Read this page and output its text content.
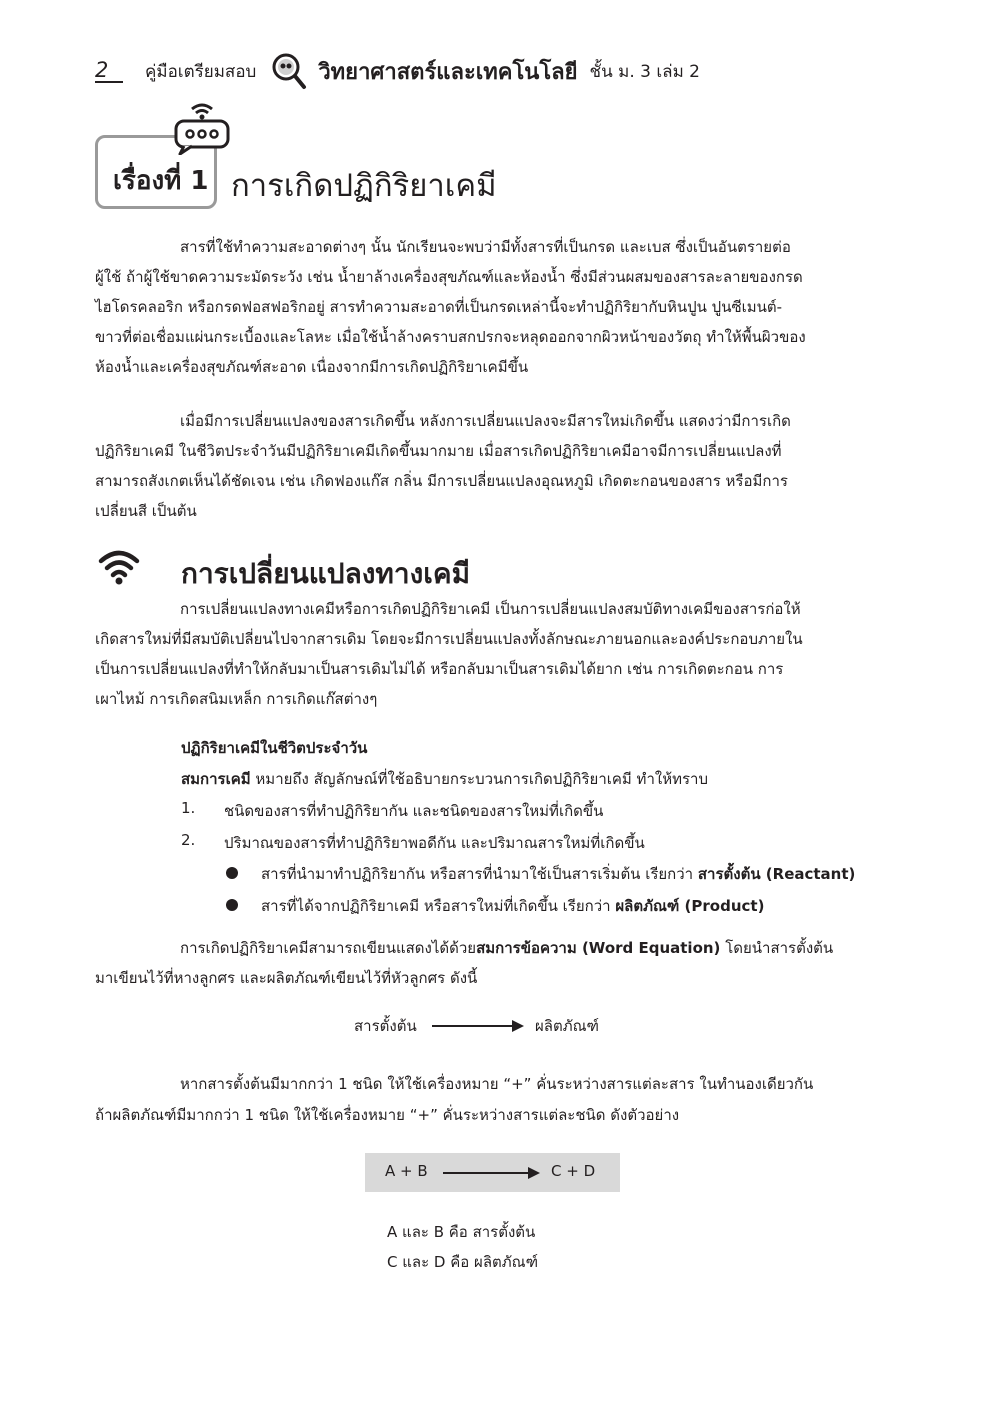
2	คู่มือเตรียมสอบ	วิทยาศาสตร์และเทคโนโลยี ชั้น ม. 3 เล่ม 2
เรื่องที่ 1 การเกิดปฏิกิริยาเคมี
สารที่ใช้ทำความสะอาดต่างๆ นั้น นักเรียนจะพบว่ามีทั้งสารที่เป็นกรด และเบส ซึ่งเป็นอันตรายต่อ
ผู้ใช้ ถ้าผู้ใช้ขาดความระมัดระวัง เช่น น้ำยาล้างเครื่องสุขภัณฑ์และห้องน้ำ ซึ่งมีส่วนผสมของสารละลายของกรด
ไฮโดรคลอริก หรือกรดฟอสฟอริกอยู่ สารทำความสะอาดที่เป็นกรดเหล่านี้จะทำปฏิกิริยากับหินปูน ปูนซีเมนต์-
ขาวที่ต่อเชื่อมแผ่นกระเบื้องและโลหะ เมื่อใช้น้ำล้างคราบสกปรกจะหลุดออกจากผิวหน้าของวัตถุ ทำให้พื้นผิวของ
ห้องน้ำและเครื่องสุขภัณฑ์สะอาด เนื่องจากมีการเกิดปฏิกิริยาเคมีขึ้น
เมื่อมีการเปลี่ยนแปลงของสารเกิดขึ้น หลังการเปลี่ยนแปลงจะมีสารใหม่เกิดขึ้น แสดงว่ามีการเกิด
ปฏิกิริยาเคมี ในชีวิตประจำวันมีปฏิกิริยาเคมีเกิดขึ้นมากมาย เมื่อสารเกิดปฏิกิริยาเคมีอาจมีการเปลี่ยนแปลงที่
สามารถสังเกตเห็นได้ชัดเจน เช่น เกิดฟองแก๊ส กลิ่น มีการเปลี่ยนแปลงอุณหภูมิ เกิดตะกอนของสาร หรือมีการ
เปลี่ยนสี เป็นต้น
การเปลี่ยนแปลงทางเคมี
การเปลี่ยนแปลงทางเคมีหรือการเกิดปฏิกิริยาเคมี เป็นการเปลี่ยนแปลงสมบัติทางเคมีของสารก่อให้
เกิดสารใหม่ที่มีสมบัติเปลี่ยนไปจากสารเดิม โดยจะมีการเปลี่ยนแปลงทั้งลักษณะภายนอกและองค์ประกอบภายใน
เป็นการเปลี่ยนแปลงที่ทำให้กลับมาเป็นสารเดิมไม่ได้ หรือกลับมาเป็นสารเดิมได้ยาก เช่น การเกิดตะกอน การ
เผาไหม้ การเกิดสนิมเหล็ก การเกิดแก๊สต่างๆ
ปฏิกิริยาเคมีในชีวิตประจำวัน
สมการเคมี หมายถึง สัญลักษณ์ที่ใช้อธิบายกระบวนการเกิดปฏิกิริยาเคมี ทำให้ทราบ
1. ชนิดของสารที่ทำปฏิกิริยากัน และชนิดของสารใหม่ที่เกิดขึ้น
2. ปริมาณของสารที่ทำปฏิกิริยาพอดีกัน และปริมาณสารใหม่ที่เกิดขึ้น
สารที่นำมาทำปฏิกิริยากัน หรือสารที่นำมาใช้เป็นสารเริ่มต้น เรียกว่า สารตั้งต้น (Reactant)
สารที่ได้จากปฏิกิริยาเคมี หรือสารใหม่ที่เกิดขึ้น เรียกว่า ผลิตภัณฑ์ (Product)
การเกิดปฏิกิริยาเคมีสามารถเขียนแสดงได้ด้วยสมการข้อความ (Word Equation) โดยนำสารตั้งต้น
มาเขียนไว้ที่หางลูกศร และผลิตภัณฑ์เขียนไว้ที่หัวลูกศร ดังนี้
สารตั้งต้น	ผลิตภัณฑ์
หากสารตั้งต้นมีมากกว่า 1 ชนิด ให้ใช้เครื่องหมาย “+” คั่นระหว่างสารแต่ละสาร ในทำนองเดียวกัน
ถ้าผลิตภัณฑ์มีมากกว่า 1 ชนิด ให้ใช้เครื่องหมาย “+” คั่นระหว่างสารแต่ละชนิด ดังตัวอย่าง
A + B	C + D
A และ B คือ สารตั้งต้น
C และ D คือ ผลิตภัณฑ์
